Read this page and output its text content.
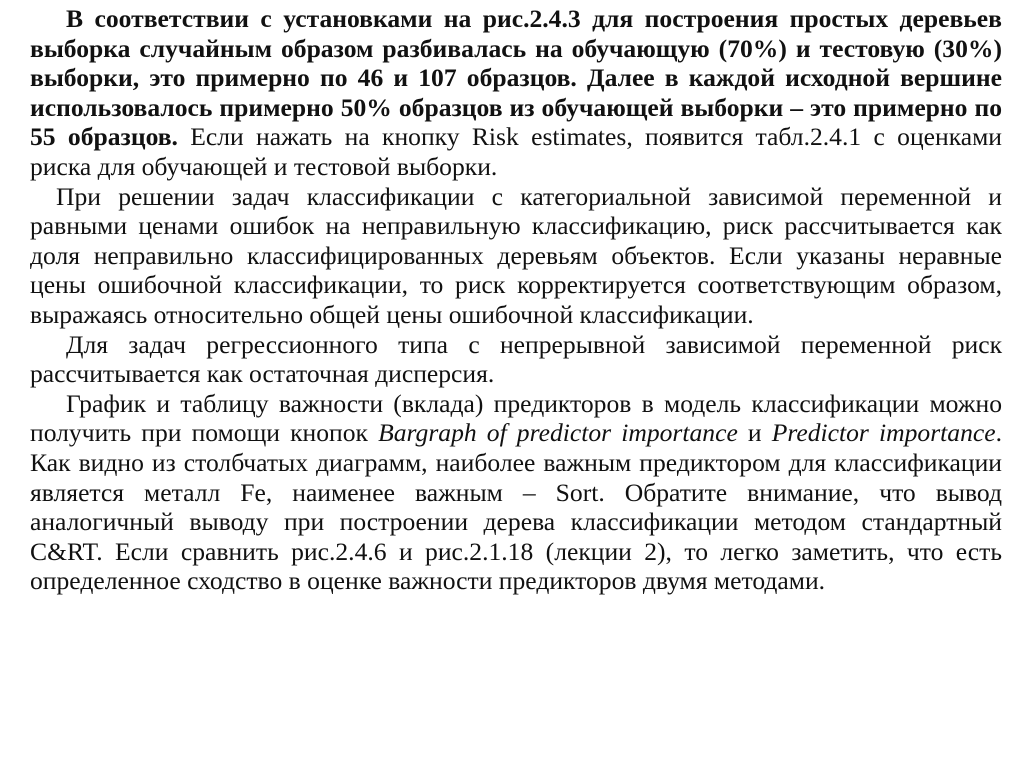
В соответствии с установками на рис.2.4.3 для построения простых деревьев выборка случайным образом разбивалась на обучающую (70%) и тестовую (30%) выборки, это примерно по 46 и 107 образцов. Далее в каждой исходной вершине использовалось примерно 50% образцов из обучающей выборки – это примерно по 55 образцов. Если нажать на кнопку Risk estimates, появится табл.2.4.1 с оценками риска для обучающей и тестовой выборки.

При решении задач классификации с категориальной зависимой переменной и равными ценами ошибок на неправильную классификацию, риск рассчитывается как доля неправильно классифицированных деревьям объектов. Если указаны неравные цены ошибочной классификации, то риск корректируется соответствующим образом, выражаясь относительно общей цены ошибочной классификации.

Для задач регрессионного типа с непрерывной зависимой переменной риск рассчитывается как остаточная дисперсия.

График и таблицу важности (вклада) предикторов в модель классификации можно получить при помощи кнопок Bargraph of predictor importance и Predictor importance. Как видно из столбчатых диаграмм, наиболее важным предиктором для классификации является металл Fe, наименее важным – Sort. Обратите внимание, что вывод аналогичный выводу при построении дерева классификации методом стандартный C&RT. Если сравнить рис.2.4.6 и рис.2.1.18 (лекции 2), то легко заметить, что есть определенное сходство в оценке важности предикторов двумя методами.
